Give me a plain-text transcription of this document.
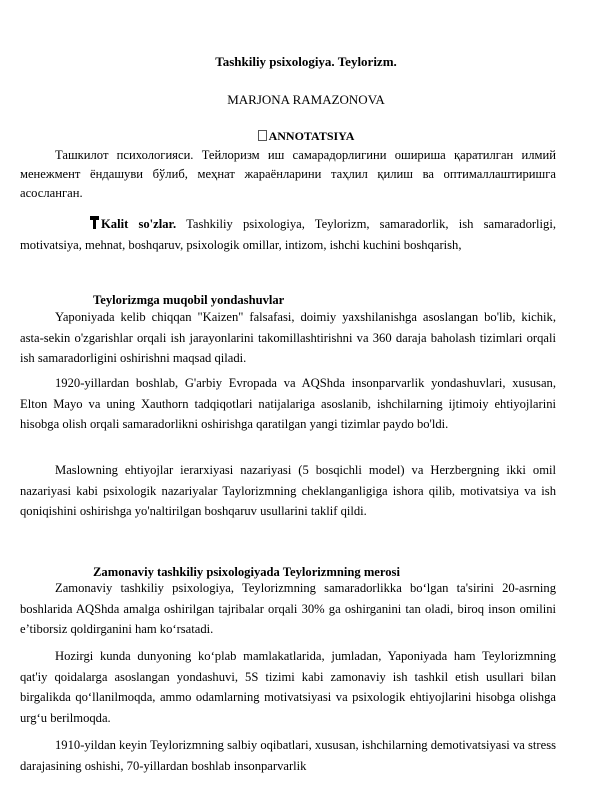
Tashkiliy psixologiya. Teylorizm.
MARJONA RAMAZONOVA
ANNOTATSIYA
Ташкилот психологияси. Тейлоризм иш самарадорлигини ошириша қаратилган илмий менежмент ёндашуви бўлиб, меҳнат жараёнларини таҳлил қилиш ва оптималлаштиришга асосланган.
Kalit so'zlar. Tashkiliy psixologiya, Teylorizm, samaradorlik, ish samaradorligi, motivatsiya, mehnat, boshqaruv, psixologik omillar, intizom, ishchi kuchini boshqarish,
Teylorizmga muqobil yondashuvlar
Yaponiyada kelib chiqqan "Kaizen" falsafasi, doimiy yaxshilanishga asoslangan bo'lib, kichik, asta-sekin o'zgarishlar orqali ish jarayonlarini takomillashtirishni va 360 daraja baholash tizimlari orqali ish samaradorligini oshirishni maqsad qiladi.
1920-yillardan boshlab, G'arbiy Evropada va AQShda insonparvarlik yondashuvlari, xususan, Elton Mayo va uning Xauthorn tadqiqotlari natijalariga asoslanib, ishchilarning ijtimoiy ehtiyojlarini hisobga olish orqali samaradorlikni oshirishga qaratilgan yangi tizimlar paydo bo'ldi.
Maslowning ehtiyojlar ierarxiyasi nazariyasi (5 bosqichli model) va Herzbergning ikki omil nazariyasi kabi psixologik nazariyalar Taylorizmning cheklanganligiga ishora qilib, motivatsiya va ish qoniqishini oshirishga yo'naltirilgan boshqaruv usullarini taklif qildi.
Zamonaviy tashkiliy psixologiyada Teylorizmning merosi
Zamonaviy tashkiliy psixologiya, Teylorizmning samaradorlikka bo‘lgan ta'sirini 20-asrning boshlarida AQShda amalga oshirilgan tajribalar orqali 30% ga oshirganini tan oladi, biroq inson omilini e’tiborsiz qoldirganini ham ko‘rsatadi.
Hozirgi kunda dunyoning ko‘plab mamlakatlarida, jumladan, Yaponiyada ham Teylorizmning qat'iy qoidalarga asoslangan yondashuvi, 5S tizimi kabi zamonaviy ish tashkil etish usullari bilan birgalikda qo‘llanilmoqda, ammo odamlarning motivatsiyasi va psixologik ehtiyojlarini hisobga olishga urg‘u berilmoqda.
1910-yildan keyin Teylorizmning salbiy oqibatlari, xususan, ishchilarning demotivatsiyasi va stress darajasining oshishi, 70-yillardan boshlab insonparvarlik
